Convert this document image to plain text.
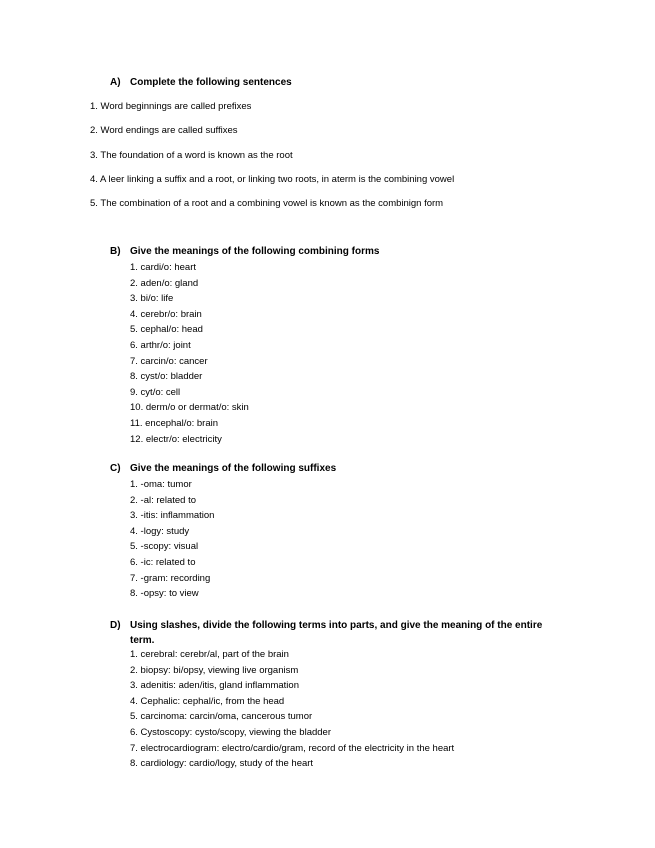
A) Complete the following sentences
1. Word beginnings are called prefixes
2. Word endings are called suffixes
3. The foundation of a word is known as the root
4. A leer linking a suffix and a root, or linking two roots, in aterm is the combining vowel
5. The combination of a root and a combining vowel is known as the combinign form
B) Give the meanings of the following combining forms
1. cardi/o: heart
2. aden/o: gland
3. bi/o: life
4. cerebr/o: brain
5. cephal/o: head
6. arthr/o: joint
7. carcin/o: cancer
8. cyst/o: bladder
9. cyt/o: cell
10. derm/o or dermat/o: skin
11. encephal/o: brain
12. electr/o: electricity
C) Give the meanings of the following suffixes
1. -oma: tumor
2. -al: related to
3. -itis: inflammation
4. -logy: study
5. -scopy: visual
6. -ic: related to
7. -gram: recording
8. -opsy: to view
D) Using slashes, divide the following terms into parts, and give the meaning of the entire
term.
1. cerebral: cerebr/al, part of the brain
2. biopsy: bi/opsy, viewing live organism
3. adenitis: aden/itis, gland inflammation
4. Cephalic: cephal/ic, from the head
5. carcinoma: carcin/oma, cancerous tumor
6. Cystoscopy: cysto/scopy, viewing the bladder
7. electrocardiogram: electro/cardio/gram, record of the electricity in the heart
8. cardiology: cardio/logy, study of the heart
